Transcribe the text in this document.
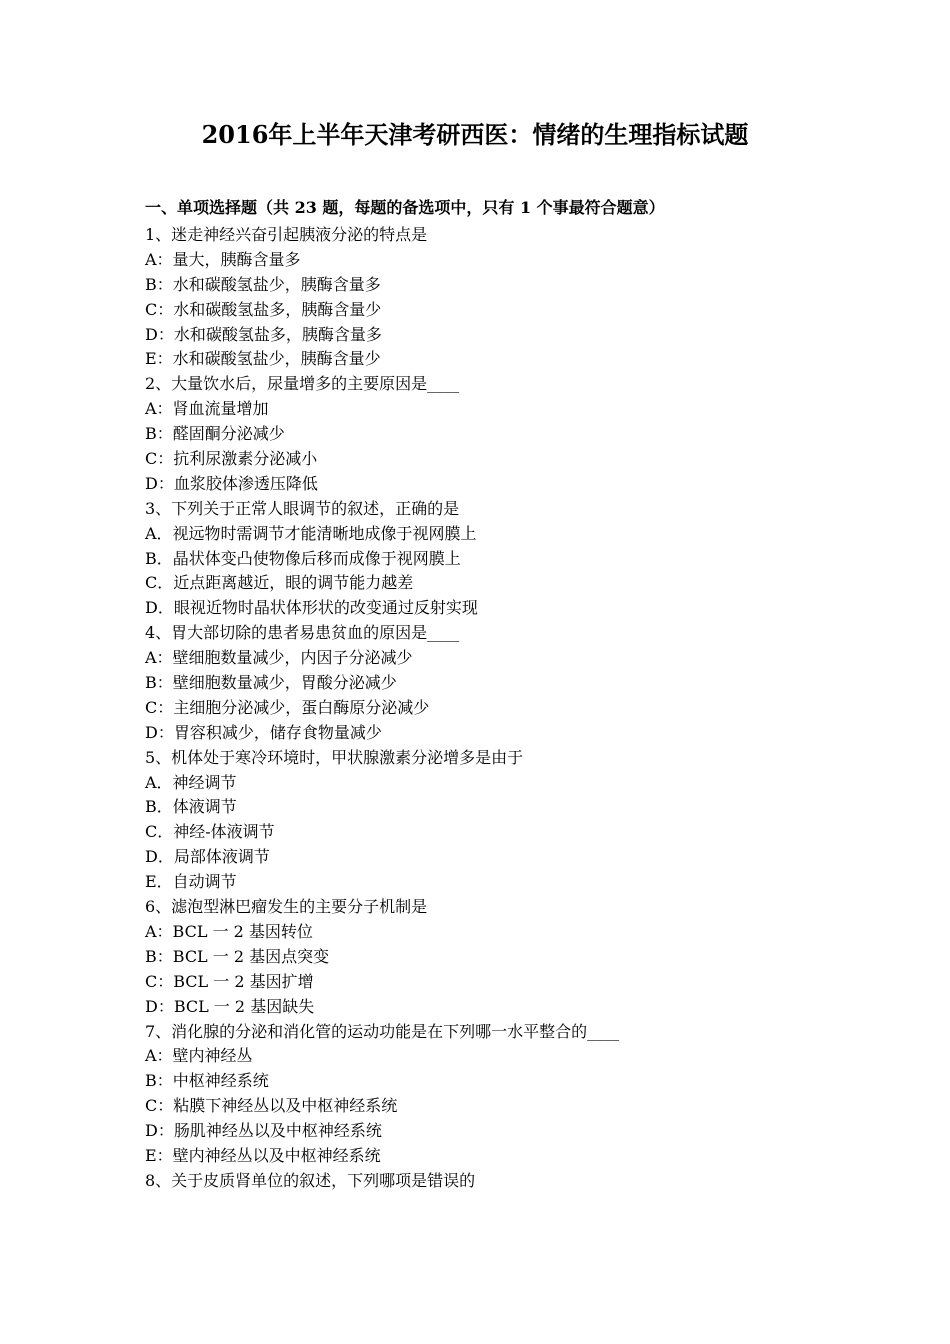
2016年上半年天津考研西医：情绪的生理指标试题
一、单项选择题（共 23 题，每题的备选项中，只有 1 个事最符合题意）
1、迷走神经兴奋引起胰液分泌的特点是
A：量大，胰酶含量多
B：水和碳酸氢盐少，胰酶含量多
C：水和碳酸氢盐多，胰酶含量少
D：水和碳酸氢盐多，胰酶含量多
E：水和碳酸氢盐少，胰酶含量少
2、大量饮水后，尿量增多的主要原因是____
A：肾血流量增加
B：醛固酮分泌减少
C：抗利尿激素分泌减小
D：血浆胶体渗透压降低
3、下列关于正常人眼调节的叙述，正确的是
A．视远物时需调节才能清晰地成像于视网膜上
B．晶状体变凸使物像后移而成像于视网膜上
C．近点距离越近，眼的调节能力越差
D．眼视近物时晶状体形状的改变通过反射实现
4、胃大部切除的患者易患贫血的原因是____
A：壁细胞数量减少，内因子分泌减少
B：壁细胞数量减少，胃酸分泌减少
C：主细胞分泌减少，蛋白酶原分泌减少
D：胃容积减少，储存食物量减少
5、机体处于寒冷环境时，甲状腺激素分泌增多是由于
A．神经调节
B．体液调节
C．神经-体液调节
D．局部体液调节
E．自动调节
6、滤泡型淋巴瘤发生的主要分子机制是
A：BCL 一 2 基因转位
B：BCL 一 2 基因点突变
C：BCL 一 2 基因扩增
D：BCL 一 2 基因缺失
7、消化腺的分泌和消化管的运动功能是在下列哪一水平整合的____
A：壁内神经丛
B：中枢神经系统
C：粘膜下神经丛以及中枢神经系统
D：肠肌神经丛以及中枢神经系统
E：壁内神经丛以及中枢神经系统
8、关于皮质肾单位的叙述，下列哪项是错误的
